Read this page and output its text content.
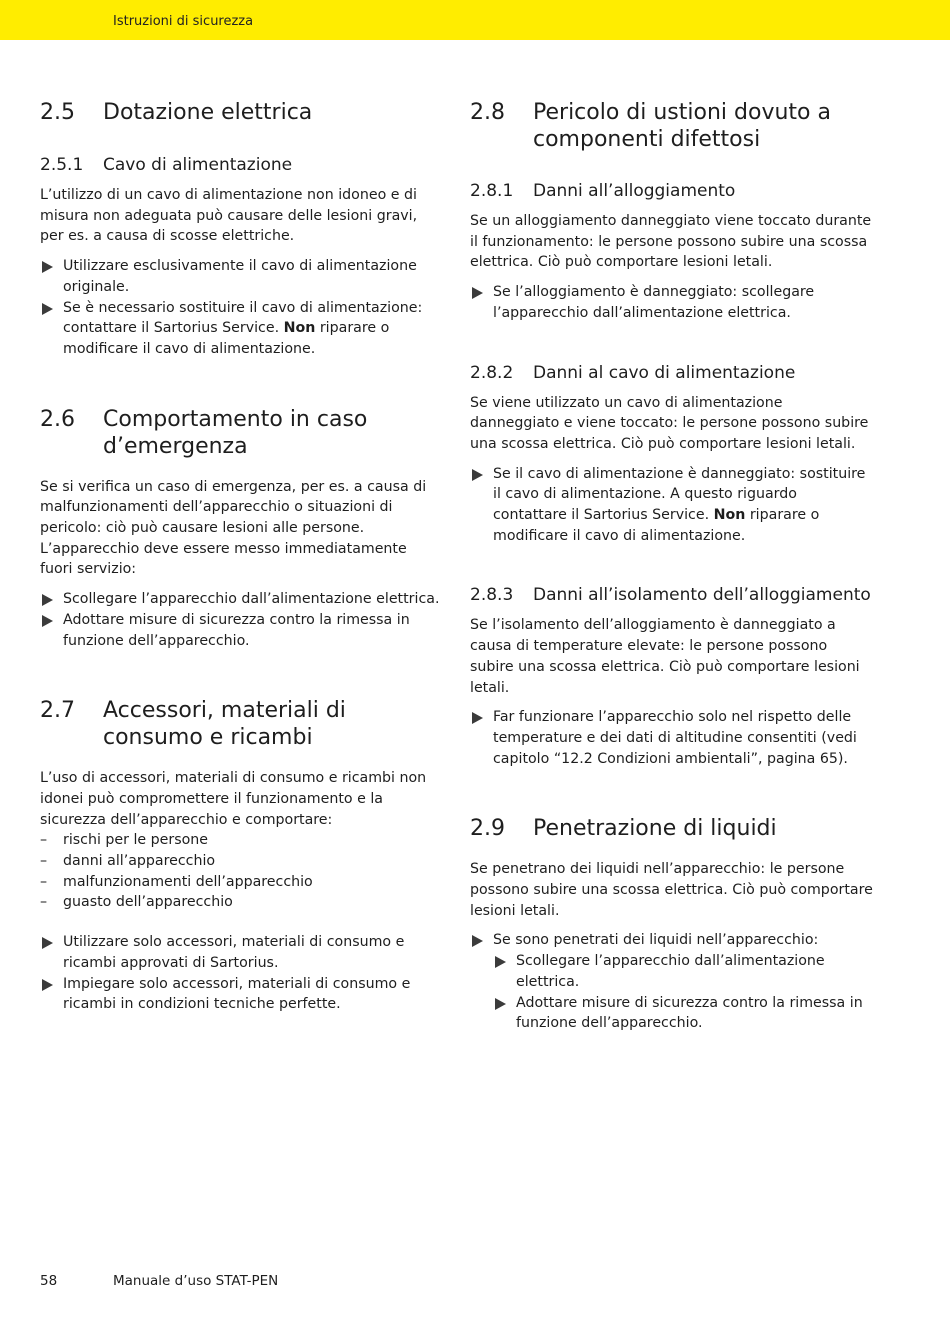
Istruzioni di sicurezza
2.5	Dotazione elettrica
2.5.1	Cavo di alimentazione

L’utilizzo di un cavo di alimentazione non idoneo e di misura non adeguata può causare delle lesioni gravi, per es. a causa di scosse elettriche.

Utilizzare esclusivamente il cavo di alimentazione originale.
Se è necessario sostituire il cavo di alimentazione: contattare il Sartorius Service. Non riparare o modificare il cavo di alimentazione.
2.6	Comportamento in caso d’emergenza

Se si verifica un caso di emergenza, per es. a causa di malfunzionamenti dell’apparecchio o situazioni di pericolo: ciò può causare lesioni alle persone. L’apparecchio deve essere messo immediatamente fuori servizio:

Scollegare l’apparecchio dall’alimentazione elettrica.
Adottare misure di sicurezza contro la rimessa in funzione dell’apparecchio.
2.7	Accessori, materiali di consumo e ricambi

L’uso di accessori, materiali di consumo e ricambi non idonei può compromettere il funzionamento e la sicurezza dell’apparecchio e comportare:

– rischi per le persone
– danni all’apparecchio
– malfunzionamenti dell’apparecchio
– guasto dell’apparecchio
Utilizzare solo accessori, materiali di consumo e ricambi approvati di Sartorius.
Impiegare solo accessori, materiali di consumo e ricambi in condizioni tecniche perfette.
2.8	Pericolo di ustioni dovuto a componenti difettosi
2.8.1	Danni all’alloggiamento

Se un alloggiamento danneggiato viene toccato durante il funzionamento: le persone possono subire una scossa elettrica. Ciò può comportare lesioni letali.

Se l’alloggiamento è danneggiato: scollegare l’apparecchio dall’alimentazione elettrica.
2.8.2	Danni al cavo di alimentazione

Se viene utilizzato un cavo di alimentazione danneggiato e viene toccato: le persone possono subire una scossa elettrica. Ciò può comportare lesioni letali.

Se il cavo di alimentazione è danneggiato: sostituire il cavo di alimentazione. A questo riguardo contattare il Sartorius Service. Non riparare o modificare il cavo di alimentazione.
2.8.3	Danni all’isolamento dell’alloggiamento

Se l’isolamento dell’alloggiamento è danneggiato a causa di temperature elevate: le persone possono subire una scossa elettrica. Ciò può comportare lesioni letali.

Far funzionare l’apparecchio solo nel rispetto delle temperature e dei dati di altitudine consentiti (vedi capitolo “12.2 Condizioni ambientali”, pagina 65).
2.9	Penetrazione di liquidi

Se penetrano dei liquidi nell’apparecchio: le persone possono subire una scossa elettrica. Ciò può comportare lesioni letali.

Se sono penetrati dei liquidi nell’apparecchio:
Scollegare l’apparecchio dall’alimentazione elettrica.
Adottare misure di sicurezza contro la rimessa in funzione dell’apparecchio.
58	Manuale d’uso STAT-PEN
